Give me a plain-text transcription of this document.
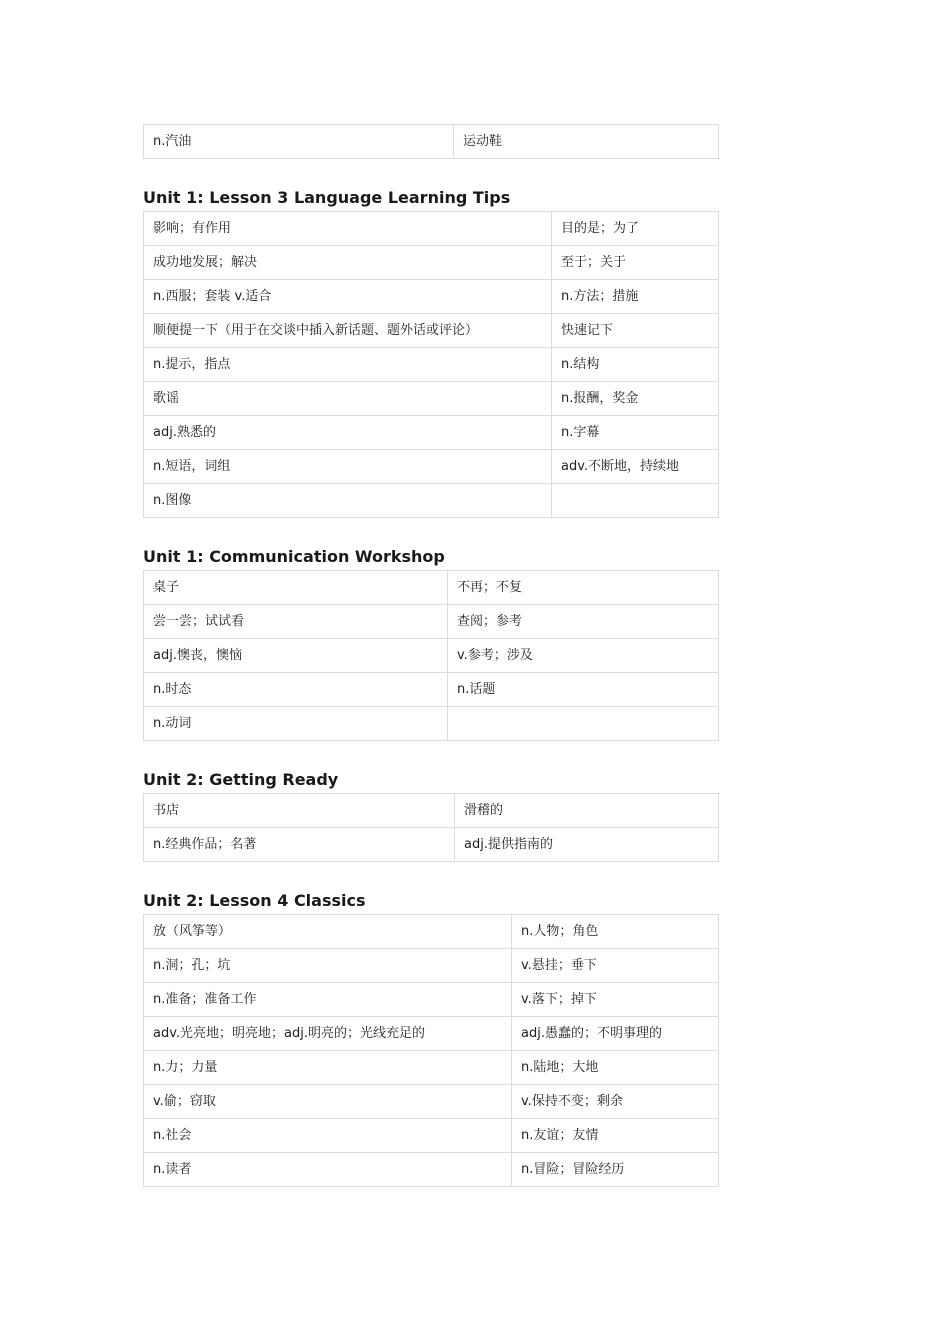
n.汽油	运动鞋
Unit 1: Lesson 3 Language Learning Tips
影响；有作用	目的是；为了
成功地发展；解决	至于；关于
n.西服；套装 v.适合	n.方法；措施
顺便提一下（用于在交谈中插入新话题、题外话或评论）	快速记下
n.提示，指点	n.结构
歌谣	n.报酬，奖金
adj.熟悉的	n.字幕
n.短语，词组	adv.不断地，持续地
n.图像	
Unit 1: Communication Workshop
桌子	不再；不复
尝一尝；试试看	查阅；参考
adj.懊丧，懊恼	v.参考；涉及
n.时态	n.话题
n.动词	
Unit 2: Getting Ready
书店	滑稽的
n.经典作品；名著	adj.提供指南的
Unit 2: Lesson 4 Classics
放（风筝等）	n.人物；角色
n.洞；孔；坑	v.悬挂；垂下
n.准备；准备工作	v.落下；掉下
adv.光亮地；明亮地；adj.明亮的；光线充足的	adj.愚蠢的；不明事理的
n.力；力量	n.陆地；大地
v.偷；窃取	v.保持不变；剩余
n.社会	n.友谊；友情
n.读者	n.冒险；冒险经历
